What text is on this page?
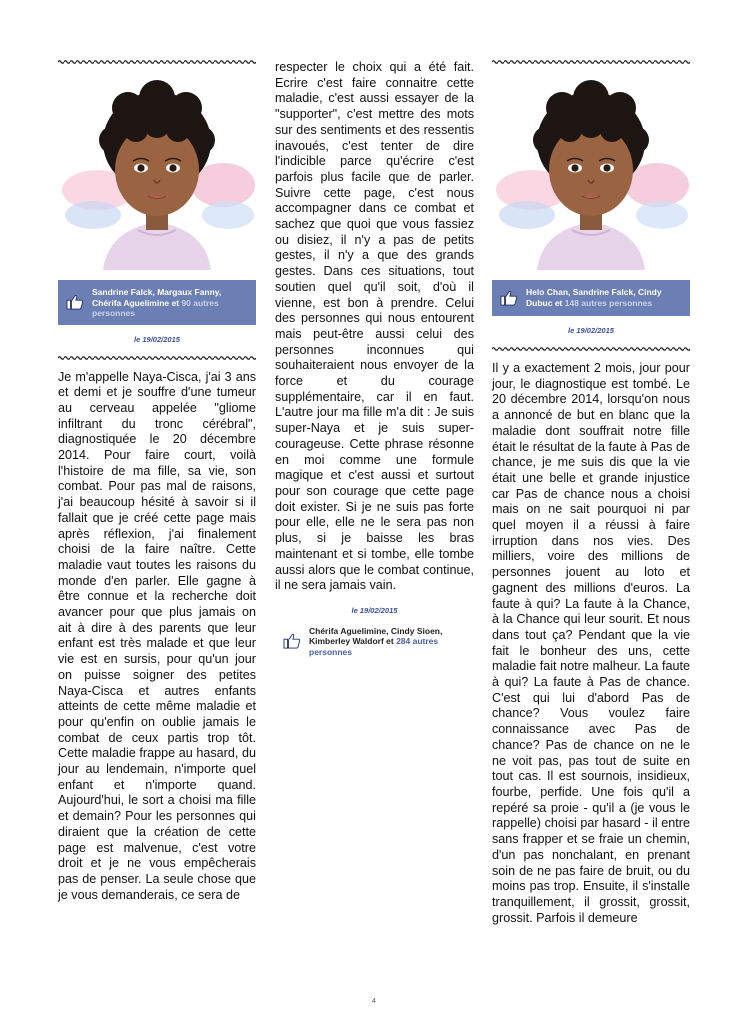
Sandrine Falck, Margaux Fanny, Chérifa Aguelimine et 90 autres personnes
le 19/02/2015

Je m'appelle Naya-Cisca, j'ai 3 ans et demi et je souffre d'une tumeur au cerveau appelée "gliome infiltrant du tronc cérébral", diagnostiquée le 20 décembre 2014. Pour faire court, voilà l'histoire de ma fille, sa vie, son combat. Pour pas mal de raisons, j'ai beaucoup hésité à savoir si il fallait que je créé cette page mais après réflexion, j'ai finalement choisi de la faire naître. Cette maladie vaut toutes les raisons du monde d'en parler. Elle gagne à être connue et la recherche doit avancer pour que plus jamais on ait à dire à des parents que leur enfant est très malade et que leur vie est en sursis, pour qu'un jour on puisse soigner des petites Naya-Cisca et autres enfants atteints de cette même maladie et pour qu'enfin on oublie jamais le combat de ceux partis trop tôt. Cette maladie frappe au hasard, du jour au lendemain, n'importe quel enfant et n'importe quand. Aujourd'hui, le sort a choisi ma fille et demain? Pour les personnes qui diraient que la création de cette page est malvenue, c'est votre droit et je ne vous empêcherais pas de penser. La seule chose que je vous demanderais, ce sera de

respecter le choix qui a été fait. Ecrire c'est faire connaitre cette maladie, c'est aussi essayer de la "supporter", c'est mettre des mots sur des sentiments et des ressentis inavoués, c'est tenter de dire l'indicible parce qu'écrire c'est parfois plus facile que de parler. Suivre cette page, c'est nous accompagner dans ce combat et sachez que quoi que vous fassiez ou disiez, il n'y a pas de petits gestes, il n'y a que des grands gestes. Dans ces situations, tout soutien quel qu'il soit, d'où il vienne, est bon à prendre. Celui des personnes qui nous entourent mais peut-être aussi celui des personnes inconnues qui souhaiteraient nous envoyer de la force et du courage supplémentaire, car il en faut. L'autre jour ma fille m'a dit : Je suis super-Naya et je suis super-courageuse. Cette phrase résonne en moi comme une formule magique et c'est aussi et surtout pour son courage que cette page doit exister. Si je ne suis pas forte pour elle, elle ne le sera pas non plus, si je baisse les bras maintenant et si tombe, elle tombe aussi alors que le combat continue, il ne sera jamais vain.

le 19/02/2015
Chérifa Aguelimine, Cindy Sioen, Kimberley Waldorf et 284 autres personnes
Helo Chan, Sandrine Falck, Cindy Dubuc et 148 autres personnes
le 19/02/2015

Il y a exactement 2 mois, jour pour jour, le diagnostique est tombé. Le 20 décembre 2014, lorsqu'on nous a annoncé de but en blanc que la maladie dont souffrait notre fille était le résultat de la faute à Pas de chance, je me suis dis que la vie était une belle et grande injustice car Pas de chance nous a choisi mais on ne sait pourquoi ni par quel moyen il a réussi à faire irruption dans nos vies. Des milliers, voire des millions de personnes jouent au loto et gagnent des millions d'euros. La faute à qui? La faute à la Chance, à la Chance qui leur sourit. Et nous dans tout ça? Pendant que la vie fait le bonheur des uns, cette maladie fait notre malheur. La faute à qui? La faute à Pas de chance. C'est qui lui d'abord Pas de chance? Vous voulez faire connaissance avec Pas de chance? Pas de chance on ne le ne voit pas, pas tout de suite en tout cas. Il est sournois, insidieux, fourbe, perfide. Une fois qu'il a repéré sa proie - qu'il a (je vous le rappelle) choisi par hasard - il entre sans frapper et se fraie un chemin, d'un pas nonchalant, en prenant soin de ne pas faire de bruit, ou du moins pas trop. Ensuite, il s'installe tranquillement, il grossit, grossit, grossit. Parfois il demeure

4
